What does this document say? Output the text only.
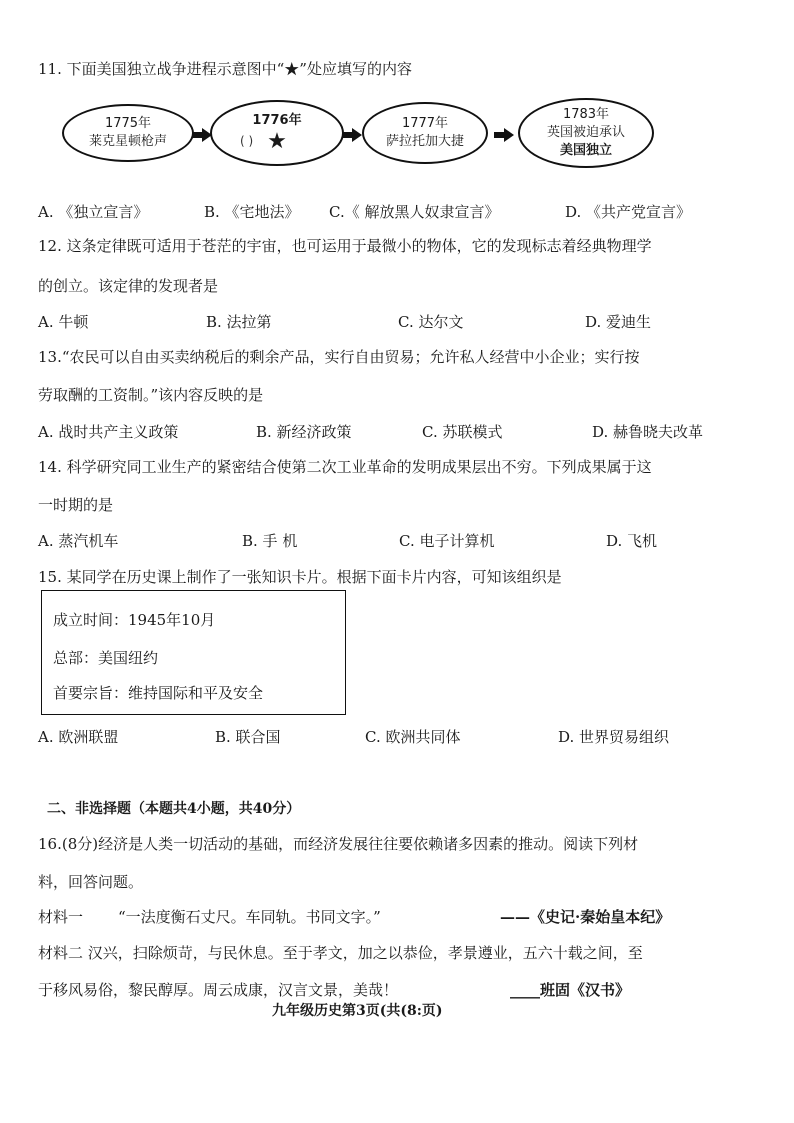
11. 下面美国独立战争进程示意图中“★”处应填写的内容
1775年
莱克星顿枪声
1776年
★
( )
1777年
萨拉托加大捷
1783年
英国被迫承认
美国独立
A. 《独立宣言》	B. 《宅地法》 C.《 解放黑人奴隶宣言》	D. 《共产党宣言》
12. 这条定律既可适用于苍茫的宇宙，也可运用于最微小的物体，它的发现标志着经典物理学
的创立。该定律的发现者是
A. 牛顿	B. 法拉第	C. 达尔文	D. 爱迪生
13.“农民可以自由买卖纳税后的剩余产品，实行自由贸易；允许私人经营中小企业；实行按
劳取酬的工资制。”该内容反映的是
A. 战时共产主义政策	B. 新经济政策	C. 苏联模式	D. 赫鲁晓夫改革
14. 科学研究同工业生产的紧密结合使第二次工业革命的发明成果层出不穷。下列成果属于这
一时期的是
A. 蒸汽机车	B. 手 机	C. 电子计算机	D. 飞机
15. 某同学在历史课上制作了一张知识卡片。根据下面卡片内容，可知该组织是
成立时间：1945年10月
总部：美国纽约
首要宗旨：维持国际和平及安全
A. 欧洲联盟	B. 联合国	C. 欧洲共同体	D. 世界贸易组织
二、非选择题（本题共4小题，共40分）
16.(8分)经济是人类一切活动的基础，而经济发展往往要依赖诸多因素的推动。阅读下列材
料，回答问题。
材料一 “一法度衡石丈尺。车同轨。书同文字。”	——《史记·秦始皇本纪》
材料二 汉兴，扫除烦苛，与民休息。至于孝文，加之以恭俭，孝景遵业，五六十载之间，至
于移风易俗，黎民醇厚。周云成康，汉言文景，美哉！	____班固《汉书》
九年级历史第3页(共(8:页)
